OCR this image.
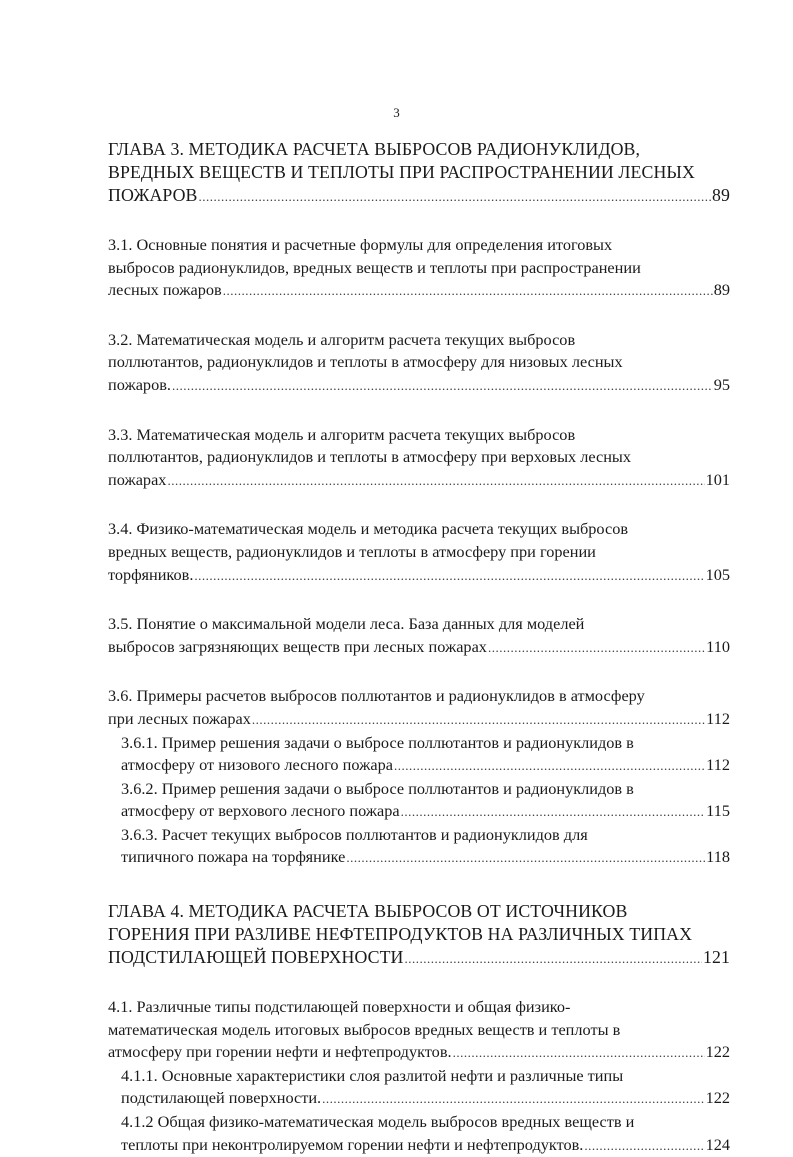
3
ГЛАВА 3. МЕТОДИКА РАСЧЕТА ВЫБРОСОВ РАДИОНУКЛИДОВ,
ВРЕДНЫХ ВЕЩЕСТВ И ТЕПЛОТЫ ПРИ РАСПРОСТРАНЕНИИ ЛЕСНЫХ
ПОЖАРОВ .....	89
3.1. Основные понятия и расчетные формулы для определения итоговых
выбросов радионуклидов, вредных веществ и теплоты при распространении
лесных пожаров .....	89
3.2. Математическая модель и алгоритм расчета текущих выбросов
поллютантов, радионуклидов и теплоты в атмосферу для низовых лесных
пожаров. .....	95
3.3. Математическая модель и алгоритм расчета текущих выбросов
поллютантов, радионуклидов и теплоты в атмосферу при верховых лесных
пожарах .....	101
3.4. Физико-математическая модель и методика расчета текущих выбросов
вредных веществ, радионуклидов и теплоты в атмосферу при горении
торфяников. .....	105
3.5. Понятие о максимальной модели леса. База данных для моделей
выбросов загрязняющих веществ при лесных пожарах .....	110
3.6. Примеры расчетов выбросов поллютантов и радионуклидов в атмосферу
при лесных пожарах .....	112
3.6.1. Пример решения задачи о выбросе поллютантов и радионуклидов в
атмосферу от низового лесного пожара .....	112
3.6.2. Пример решения задачи о выбросе поллютантов и радионуклидов в
атмосферу от верхового лесного пожара .....	115
3.6.3. Расчет текущих выбросов поллютантов и радионуклидов для
типичного пожара на торфянике .....	118
ГЛАВА 4. МЕТОДИКА РАСЧЕТА ВЫБРОСОВ ОТ ИСТОЧНИКОВ
ГОРЕНИЯ ПРИ РАЗЛИВЕ НЕФТЕПРОДУКТОВ НА РАЗЛИЧНЫХ ТИПАХ
ПОДСТИЛАЮЩЕЙ ПОВЕРХНОСТИ .....	121
4.1. Различные типы подстилающей поверхности и общая физико-
математическая модель итоговых выбросов вредных веществ и теплоты в
атмосферу при горении нефти и нефтепродуктов. .....	122
4.1.1. Основные характеристики слоя разлитой нефти и различные типы
подстилающей поверхности. .....	122
4.1.2 Общая физико-математическая модель выбросов вредных веществ и
теплоты при неконтролируемом горении нефти и нефтепродуктов. .....	124
